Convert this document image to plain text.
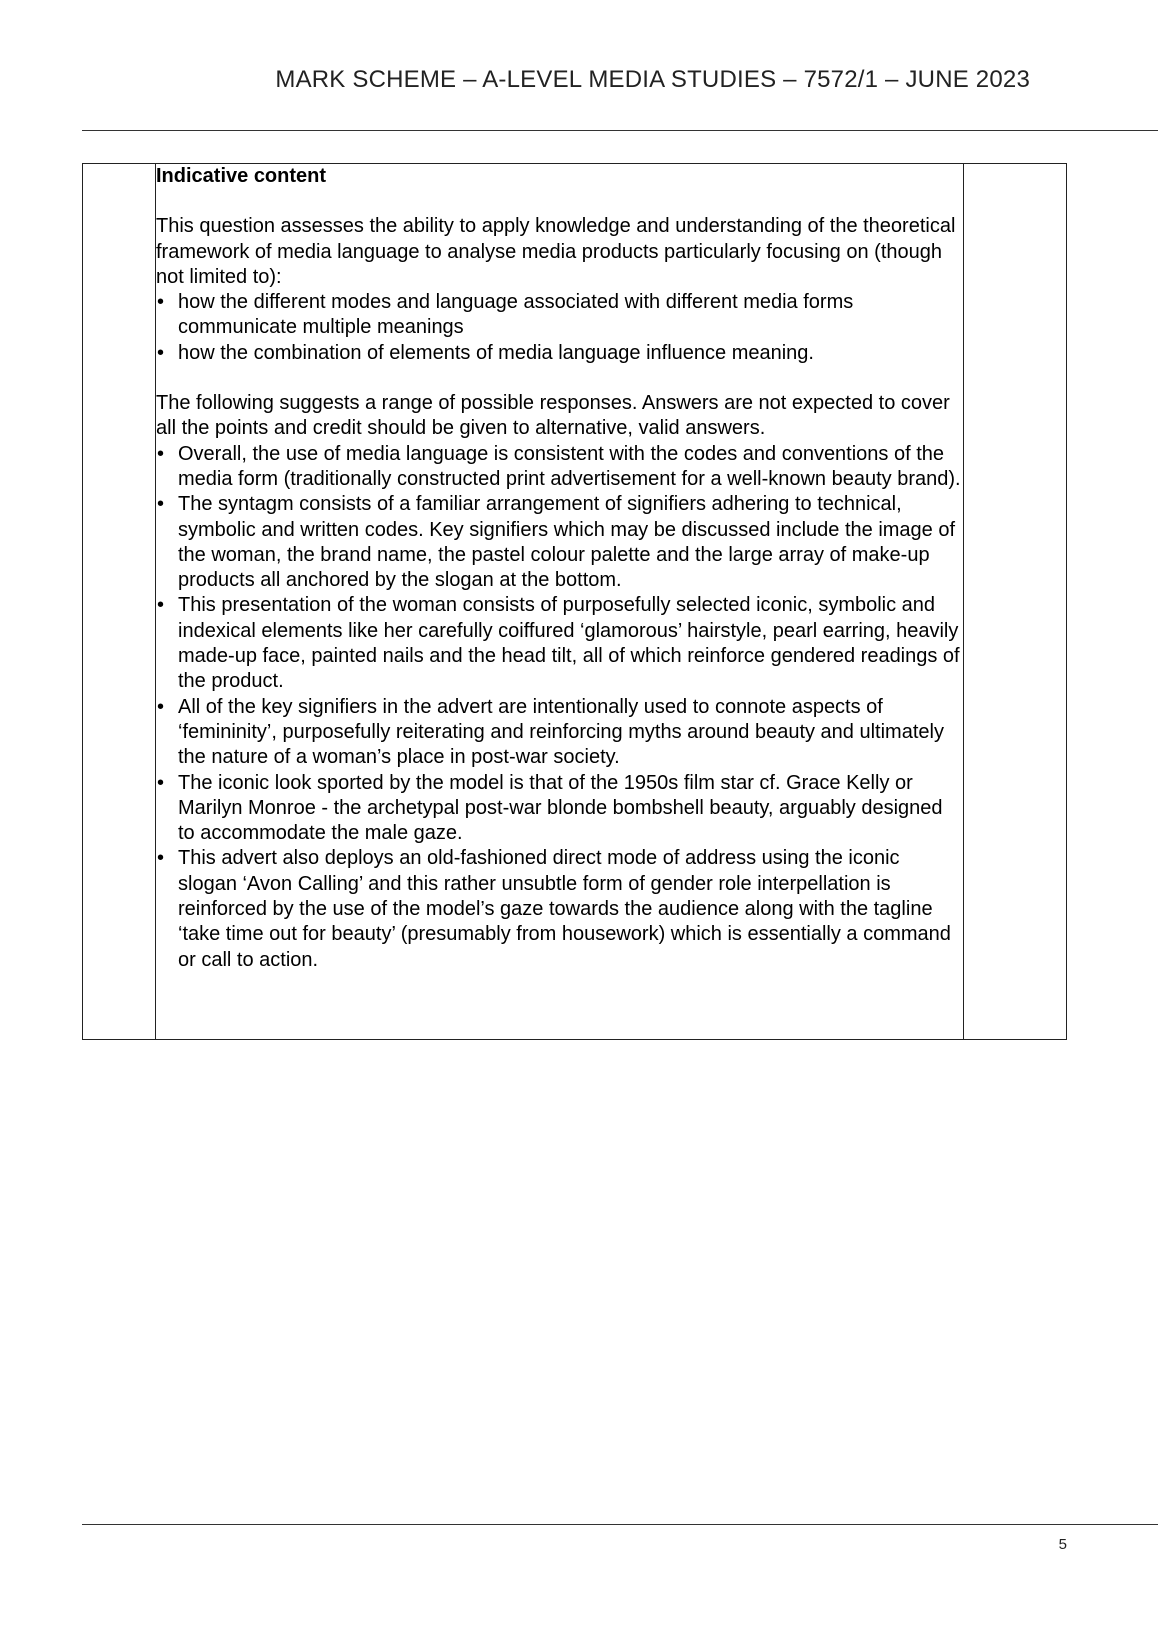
MARK SCHEME – A-LEVEL MEDIA STUDIES – 7572/1 – JUNE 2023

Indicative content

This question assesses the ability to apply knowledge and understanding of the theoretical framework of media language to analyse media products particularly focusing on (though not limited to):

• how the different modes and language associated with different media forms communicate multiple meanings
• how the combination of elements of media language influence meaning.

The following suggests a range of possible responses. Answers are not expected to cover all the points and credit should be given to alternative, valid answers.

• Overall, the use of media language is consistent with the codes and conventions of the media form (traditionally constructed print advertisement for a well-known beauty brand).
• The syntagm consists of a familiar arrangement of signifiers adhering to technical, symbolic and written codes. Key signifiers which may be discussed include the image of the woman, the brand name, the pastel colour palette and the large array of make-up products all anchored by the slogan at the bottom.
• This presentation of the woman consists of purposefully selected iconic, symbolic and indexical elements like her carefully coiffured ‘glamorous’ hairstyle, pearl earring, heavily made-up face, painted nails and the head tilt, all of which reinforce gendered readings of the product.
• All of the key signifiers in the advert are intentionally used to connote aspects of ‘femininity’, purposefully reiterating and reinforcing myths around beauty and ultimately the nature of a woman’s place in post-war society.
• The iconic look sported by the model is that of the 1950s film star cf. Grace Kelly or Marilyn Monroe - the archetypal post-war blonde bombshell beauty, arguably designed to accommodate the male gaze.
• This advert also deploys an old-fashioned direct mode of address using the iconic slogan ‘Avon Calling’ and this rather unsubtle form of gender role interpellation is reinforced by the use of the model’s gaze towards the audience along with the tagline ‘take time out for beauty’ (presumably from housework) which is essentially a command or call to action.

5
